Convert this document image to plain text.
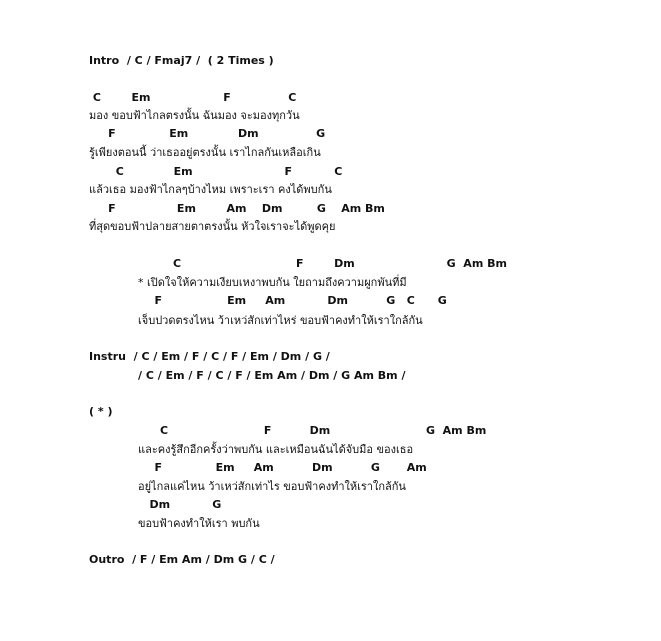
Intro  / C / Fmaj7 /  ( 2 Times )
C        Em                   F               C
มอง ขอบฟ้าไกลตรงนั้น ฉันมอง จะมองทุกวัน
F              Em             Dm               G
รู้เพียงตอนนี้ ว่าเธออยู่ตรงนั้น เราไกลกันเหลือเกิน
C             Em                        F           C
แล้วเธอ มองฟ้าไกลๆบ้างไหม เพราะเรา คงได้พบกัน
F                Em        Am    Dm         G    Am Bm
ที่สุดขอบฟ้าปลายสายตาตรงนั้น หัวใจเราจะได้พูดคุย
C                              F        Dm                        G  Am Bm
* เปิดใจให้ความเงียบเหงาพบกัน ใยถามถึงความผูกพันที่มี
F                 Em     Am           Dm          G   C      G
เจ็บปวดตรงไหน ว้าเหว่สักเท่าไหร่ ขอบฟ้าคงทำให้เราใกล้กัน
Instru  / C / Em / F / C / F / Em / Dm / G /
/ C / Em / F / C / F / Em Am / Dm / G Am Bm /
( * )
C                         F          Dm                         G  Am Bm
และคงรู้สึกอีกครั้งว่าพบกัน และเหมือนฉันได้จับมือ ของเธอ
F              Em     Am          Dm          G       Am
อยู่ไกลแค่ไหน ว้าเหว่สักเท่าไร ขอบฟ้าคงทำให้เราใกล้กัน
Dm           G
ขอบฟ้าคงทำให้เรา พบกัน
Outro  / F / Em Am / Dm G / C /
